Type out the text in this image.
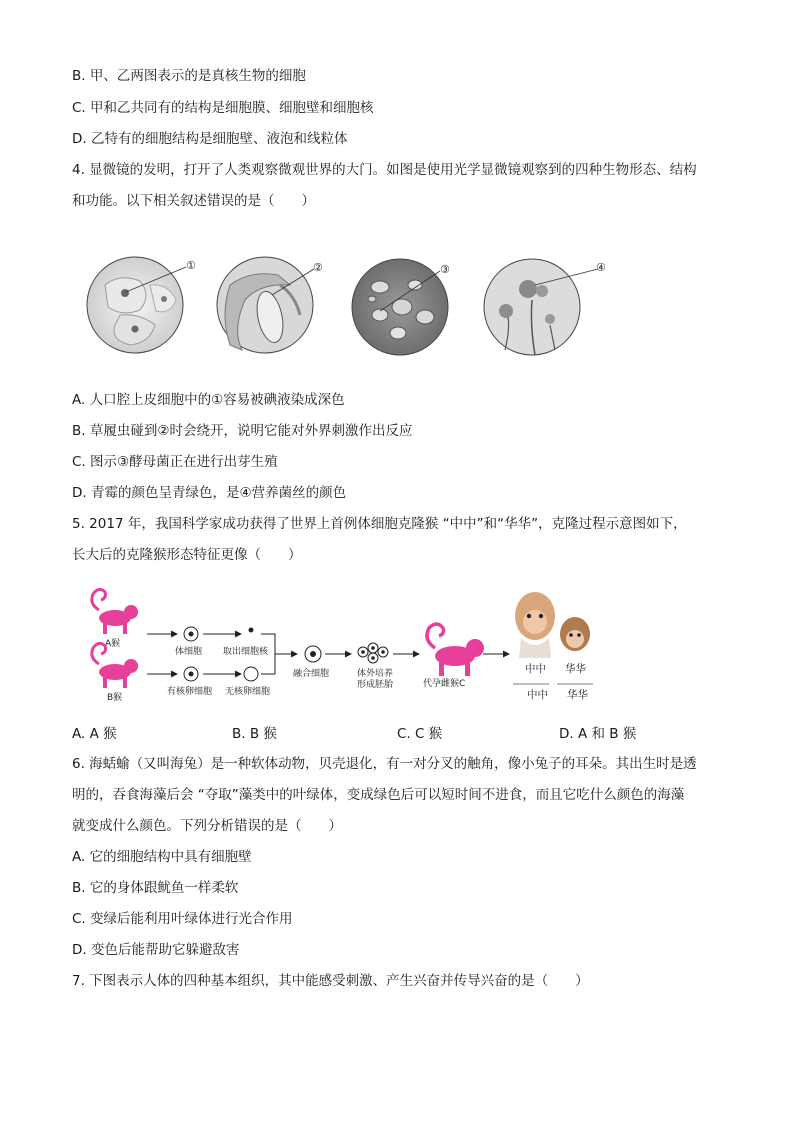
B. 甲、乙两图表示的是真核生物的细胞
C. 甲和乙共同有的结构是细胞膜、细胞壁和细胞核
D. 乙特有的细胞结构是细胞壁、液泡和线粒体
4. 显微镜的发明，打开了人类观察微观世界的大门。如图是使用光学显微镜观察到的四种生物形态、结构
和功能。以下相关叙述错误的是（　　）
①	②	③	④
A. 人口腔上皮细胞中的①容易被碘液染成深色
B. 草履虫碰到②时会绕开，说明它能对外界刺激作出反应
C. 图示③酵母菌正在进行出芽生殖
D. 青霉的颜色呈青绿色，是④营养菌丝的颜色
5. 2017 年，我国科学家成功获得了世界上首例体细胞克隆猴 “中中”和“华华”，克隆过程示意图如下，
长大后的克隆猴形态特征更像（　　）
A猴
B猴
体细胞 取出细胞核
有核卵细胞 无核卵细胞
融合细胞	体外培养
形成胚胎	代孕雌猴C
中中 华华
中中 华华
A. A 猴	B. B 猴	C. C 猴	D. A 和 B 猴
6. 海蛞蝓（又叫海兔）是一种软体动物，贝壳退化，有一对分叉的触角，像小兔子的耳朵。其出生时是透
明的，吞食海藻后会 “夺取”藻类中的叶绿体，变成绿色后可以短时间不进食，而且它吃什么颜色的海藻
就变成什么颜色。下列分析错误的是（　　）
A. 它的细胞结构中具有细胞壁
B. 它的身体跟鱿鱼一样柔软
C. 变绿后能利用叶绿体进行光合作用
D. 变色后能帮助它躲避敌害
7. 下图表示人体的四种基本组织，其中能感受刺激、产生兴奋并传导兴奋的是（　　）
